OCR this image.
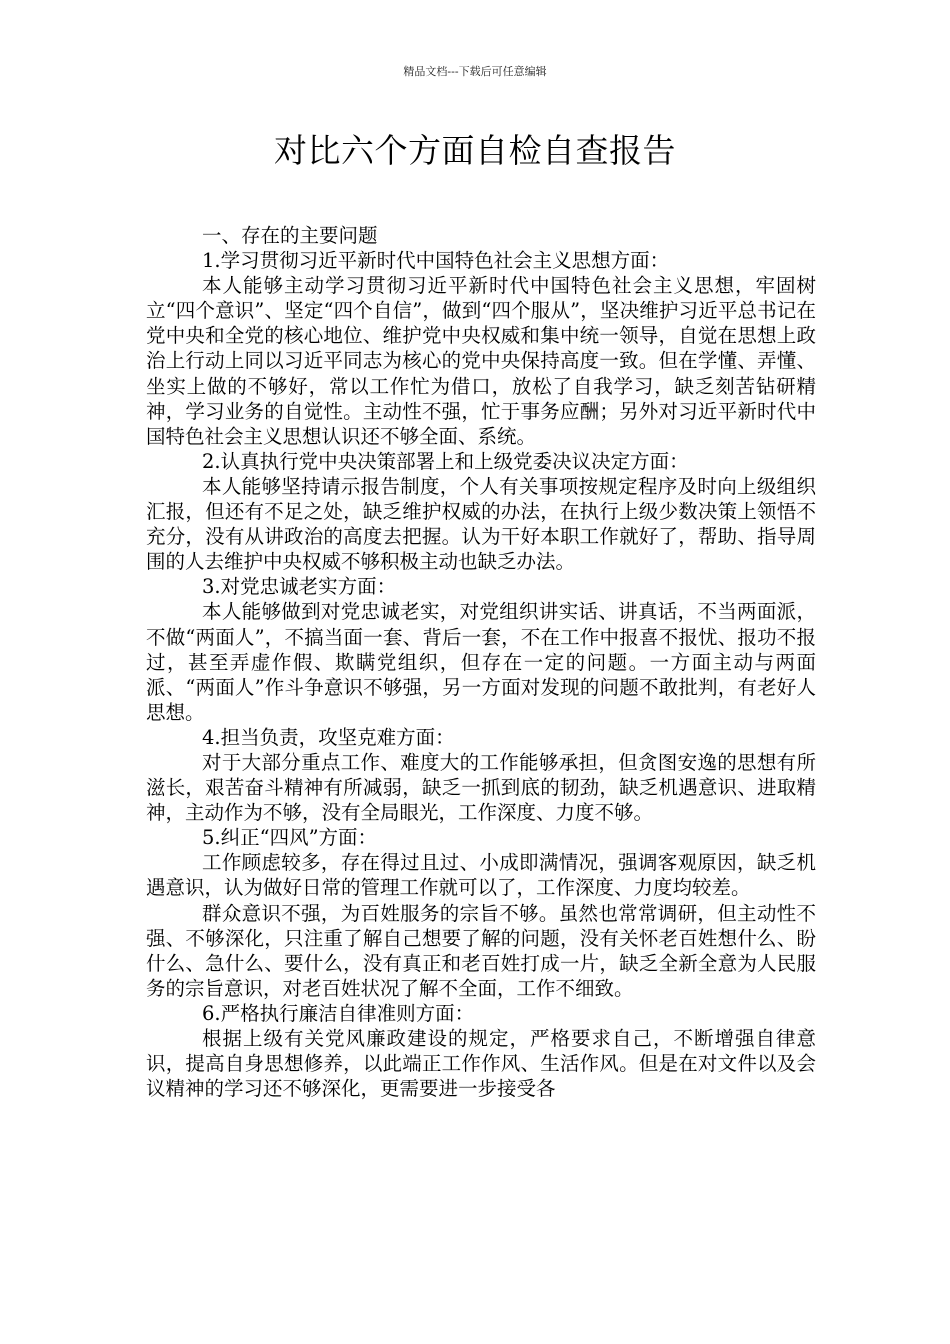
精品文档---下载后可任意编辑
对比六个方面自检自查报告

一、存在的主要问题

1.学习贯彻习近平新时代中国特色社会主义思想方面：

本人能够主动学习贯彻习近平新时代中国特色社会主义思想，牢固树立“四个意识”、坚定“四个自信”，做到“四个服从”，坚决维护习近平总书记在党中央和全党的核心地位、维护党中央权威和集中统一领导，自觉在思想上政治上行动上同以习近平同志为核心的党中央保持高度一致。但在学懂、弄懂、坐实上做的不够好，常以工作忙为借口，放松了自我学习，缺乏刻苦钻研精神，学习业务的自觉性。主动性不强，忙于事务应酬；另外对习近平新时代中国特色社会主义思想认识还不够全面、系统。

2.认真执行党中央决策部署上和上级党委决议决定方面：

本人能够坚持请示报告制度，个人有关事项按规定程序及时向上级组织汇报，但还有不足之处，缺乏维护权威的办法，在执行上级少数决策上领悟不充分，没有从讲政治的高度去把握。认为干好本职工作就好了，帮助、指导周围的人去维护中央权威不够积极主动也缺乏办法。

3.对党忠诚老实方面：

本人能够做到对党忠诚老实，对党组织讲实话、讲真话，不当两面派，不做“两面人”，不搞当面一套、背后一套，不在工作中报喜不报忧、报功不报过，甚至弄虚作假、欺瞒党组织，但存在一定的问题。一方面主动与两面派、“两面人”作斗争意识不够强，另一方面对发现的问题不敢批判，有老好人思想。

4.担当负责，攻坚克难方面：

对于大部分重点工作、难度大的工作能够承担，但贪图安逸的思想有所滋长，艰苦奋斗精神有所减弱，缺乏一抓到底的韧劲，缺乏机遇意识、进取精神，主动作为不够，没有全局眼光，工作深度、力度不够。

5.纠正“四风”方面：

工作顾虑较多，存在得过且过、小成即满情况，强调客观原因，缺乏机遇意识，认为做好日常的管理工作就可以了，工作深度、力度均较差。

群众意识不强，为百姓服务的宗旨不够。虽然也常常调研，但主动性不强、不够深化，只注重了解自己想要了解的问题，没有关怀老百姓想什么、盼什么、急什么、要什么，没有真正和老百姓打成一片，缺乏全新全意为人民服务的宗旨意识，对老百姓状况了解不全面，工作不细致。

6.严格执行廉洁自律准则方面：

根据上级有关党风廉政建设的规定，严格要求自己，不断增强自律意识，提高自身思想修养，以此端正工作作风、生活作风。但是在对文件以及会议精神的学习还不够深化，更需要进一步接受各
